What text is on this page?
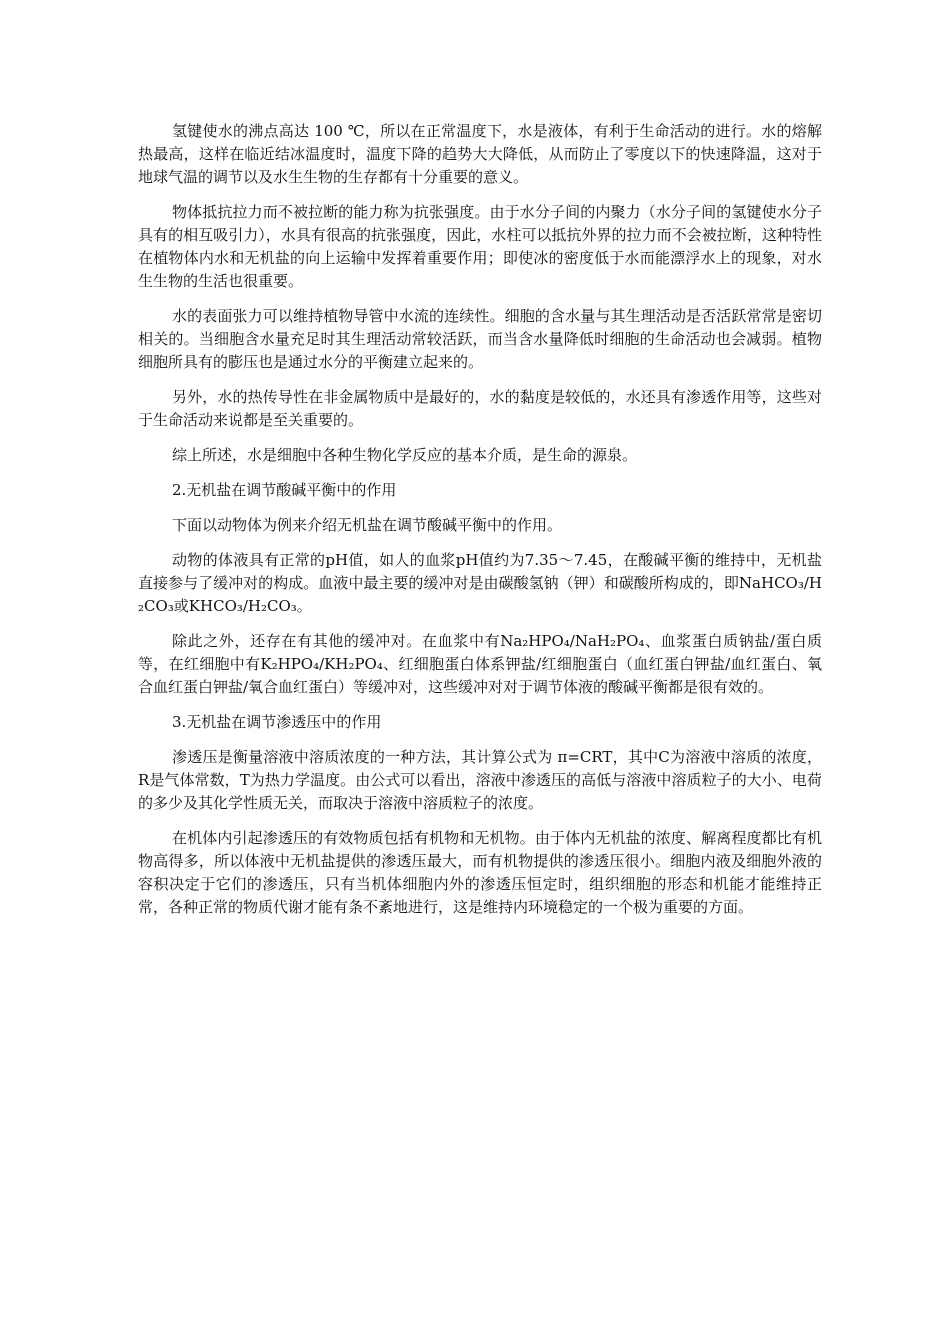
氢键使水的沸点高达 100 ℃，所以在正常温度下，水是液体，有利于生命活动的进行。水的熔解热最高，这样在临近结冰温度时，温度下降的趋势大大降低，从而防止了零度以下的快速降温，这对于地球气温的调节以及水生生物的生存都有十分重要的意义。

物体抵抗拉力而不被拉断的能力称为抗张强度。由于水分子间的内聚力（水分子间的氢键使水分子具有的相互吸引力），水具有很高的抗张强度，因此，水柱可以抵抗外界的拉力而不会被拉断，这种特性在植物体内水和无机盐的向上运输中发挥着重要作用；即使冰的密度低于水而能漂浮水上的现象，对水生生物的生活也很重要。

水的表面张力可以维持植物导管中水流的连续性。细胞的含水量与其生理活动是否活跃常常是密切相关的。当细胞含水量充足时其生理活动常较活跃，而当含水量降低时细胞的生命活动也会减弱。植物细胞所具有的膨压也是通过水分的平衡建立起来的。

另外，水的热传导性在非金属物质中是最好的，水的黏度是较低的，水还具有渗透作用等，这些对于生命活动来说都是至关重要的。

综上所述，水是细胞中各种生物化学反应的基本介质，是生命的源泉。

2.无机盐在调节酸碱平衡中的作用

下面以动物体为例来介绍无机盐在调节酸碱平衡中的作用。

动物的体液具有正常的pH值，如人的血浆pH值约为7.35～7.45，在酸碱平衡的维持中，无机盐直接参与了缓冲对的构成。血液中最主要的缓冲对是由碳酸氢钠（钾）和碳酸所构成的，即NaHCO₃/H₂CO₃或KHCO₃/H₂CO₃。

除此之外，还存在有其他的缓冲对。在血浆中有Na₂HPO₄/NaH₂PO₄、血浆蛋白质钠盐/蛋白质等，在红细胞中有K₂HPO₄/KH₂PO₄、红细胞蛋白体系钾盐/红细胞蛋白（血红蛋白钾盐/血红蛋白、氧合血红蛋白钾盐/氧合血红蛋白）等缓冲对，这些缓冲对对于调节体液的酸碱平衡都是很有效的。

3.无机盐在调节渗透压中的作用

渗透压是衡量溶液中溶质浓度的一种方法，其计算公式为 π=CRT，其中C为溶液中溶质的浓度，R是气体常数，T为热力学温度。由公式可以看出，溶液中渗透压的高低与溶液中溶质粒子的大小、电荷的多少及其化学性质无关，而取决于溶液中溶质粒子的浓度。

在机体内引起渗透压的有效物质包括有机物和无机物。由于体内无机盐的浓度、解离程度都比有机物高得多，所以体液中无机盐提供的渗透压最大，而有机物提供的渗透压很小。细胞内液及细胞外液的容积决定于它们的渗透压，只有当机体细胞内外的渗透压恒定时，组织细胞的形态和机能才能维持正常，各种正常的物质代谢才能有条不紊地进行，这是维持内环境稳定的一个极为重要的方面。
